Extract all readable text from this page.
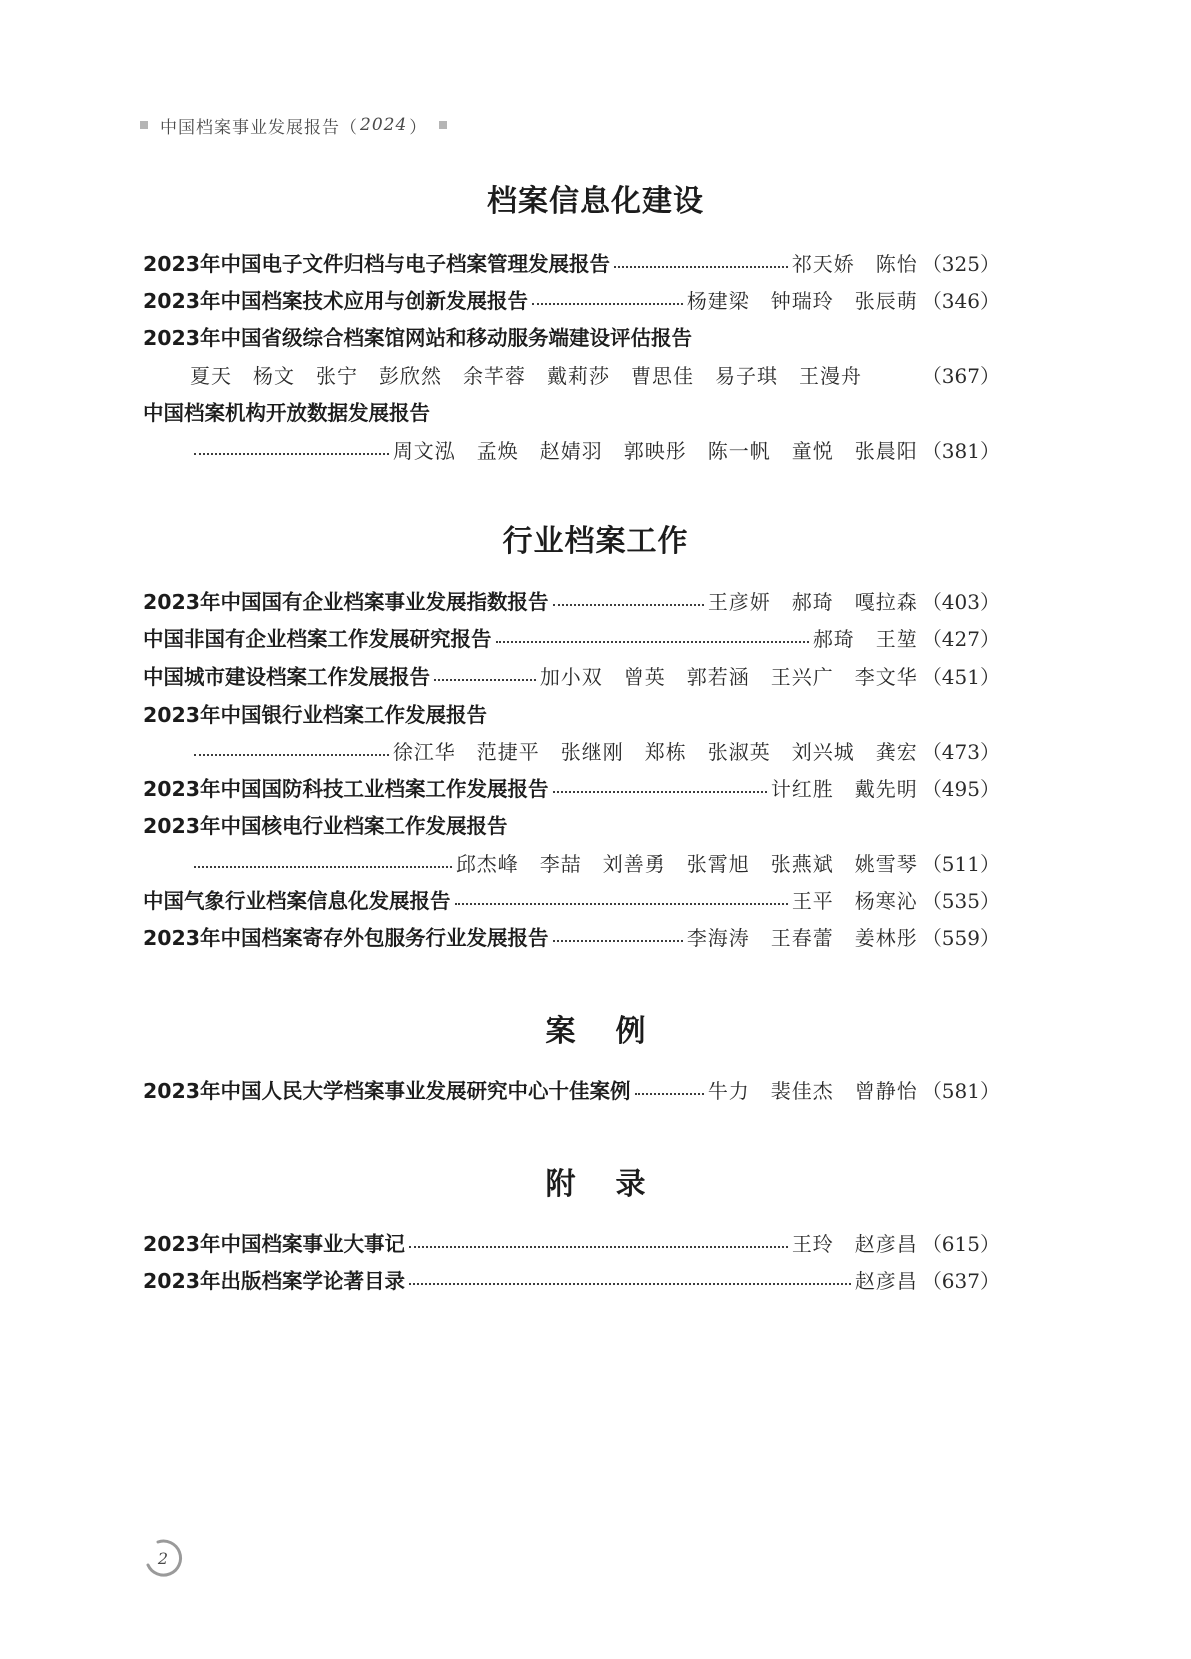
中国档案事业发展报告（ 2024 ）
档案信息化建设
2023年中国电子文件归档与电子档案管理发展报告	祁天娇　陈怡 （325）
2023年中国档案技术应用与创新发展报告	杨建梁　钟瑞玲　张辰萌 （346）
2023年中国省级综合档案馆网站和移动服务端建设评估报告
夏天　杨文　张宁　彭欣然　余芊蓉　戴莉莎　曹思佳　易子琪　王漫舟	（367）
中国档案机构开放数据发展报告
周文泓　孟焕　赵婧羽　郭映彤　陈一帆　童悦　张晨阳 （381）
行业档案工作
2023年中国国有企业档案事业发展指数报告	王彦妍　郝琦　嘎拉森 （403）
中国非国有企业档案工作发展研究报告	郝琦　王堃 （427）
中国城市建设档案工作发展报告	加小双　曾英　郭若涵　王兴广　李文华 （451）
2023年中国银行业档案工作发展报告
徐江华　范捷平　张继刚　郑栋　张淑英　刘兴城　龚宏 （473）
2023年中国国防科技工业档案工作发展报告	计红胜　戴先明 （495）
2023年中国核电行业档案工作发展报告
邱杰峰　李喆　刘善勇　张霄旭　张燕斌　姚雪琴 （511）
中国气象行业档案信息化发展报告	王平　杨寒沁 （535）
2023年中国档案寄存外包服务行业发展报告	李海涛　王春蕾　姜林彤 （559）
案例
2023年中国人民大学档案事业发展研究中心十佳案例	牛力　裴佳杰　曾静怡 （581）
附录
2023年中国档案事业大事记	王玲　赵彦昌 （615）
2023年出版档案学论著目录	赵彦昌 （637）
2
